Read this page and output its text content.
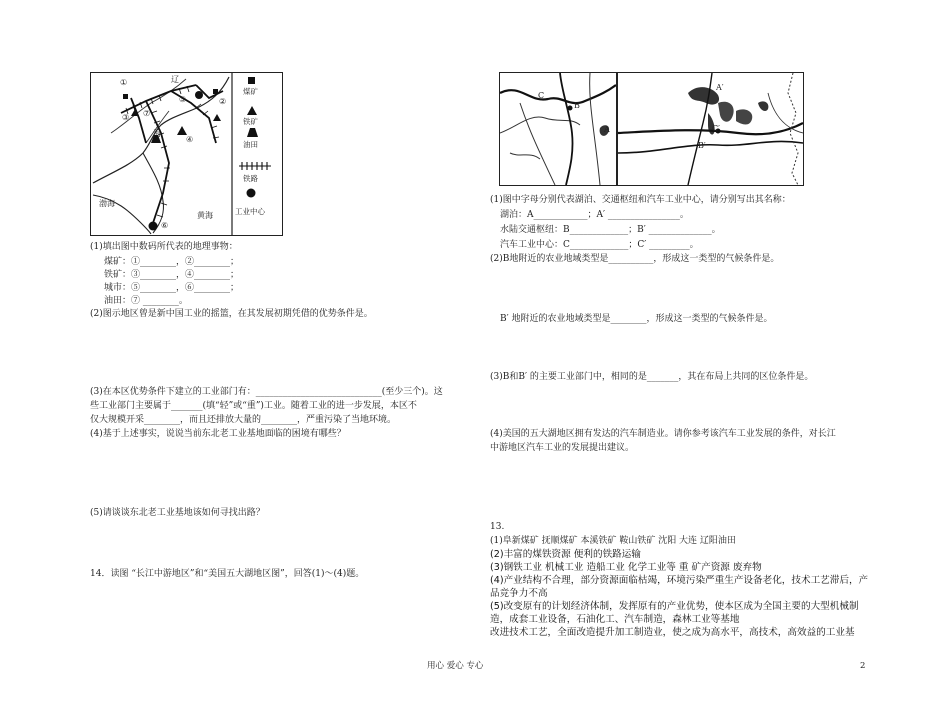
①
②
③
④
⑤
⑥
⑦
辽
河
渤海
黄海
煤矿
铁矿
油田
铁路
工业中心
C
B
A
A′
C′
B′
(1)填出图中数码所代表的地理事物：
煤矿：①________，②________；
铁矿：③________，④________；
城市：⑤________，⑥________；
油田：⑦ ________。
(2)图示地区曾是新中国工业的摇篮，在其发展初期凭借的优势条件是。
(3)在本区优势条件下建立的工业部门有：____________________________(至少三个)。这
些工业部门主要属于_______(填“轻”或“重”)工业。随着工业的进一步发展，本区不
仅大规模开采________，而且还排放大量的________，严重污染了当地环境。
(4)基于上述事实，说说当前东北老工业基地面临的困境有哪些？
(5)请谈谈东北老工业基地该如何寻找出路？
14．读图 “长江中游地区”和“美国五大湖地区图”，回答(1)～(4)题。
(1)图中字母分别代表湖泊、交通枢纽和汽车工业中心，请分别写出其名称：
湖泊：A____________；A′ ________________。
水陆交通枢纽：B_____________；B′ ______________。
汽车工业中心：C_____________；C′ _________。
(2)B地附近的农业地域类型是__________，形成这一类型的气候条件是。
B′ 地附近的农业地域类型是________，形成这一类型的气候条件是。
(3)B和B′ 的主要工业部门中，相同的是_______，其在布局上共同的区位条件是。
(4)美国的五大湖地区拥有发达的汽车制造业。请你参考该汽车工业发展的条件，对长江
中游地区汽车工业的发展提出建议。
13.
(1)阜新煤矿 抚顺煤矿 本溪铁矿 鞍山铁矿 沈阳 大连 辽阳油田
(2)丰富的煤铁资源 便利的铁路运输
(3)钢铁工业 机械工业 造船工业 化学工业等 重 矿产资源 废弃物
(4)产业结构不合理，部分资源面临枯竭，环境污染严重生产设备老化，技术工艺滞后，产
品竞争力不高
(5)改变原有的计划经济体制，发挥原有的产业优势，使本区成为全国主要的大型机械制
造，成套工业设备，石油化工、汽车制造，森林工业等基地
改进技术工艺，全面改造提升加工制造业，使之成为高水平，高技术，高效益的工业基
用心 爱心 专心	2
